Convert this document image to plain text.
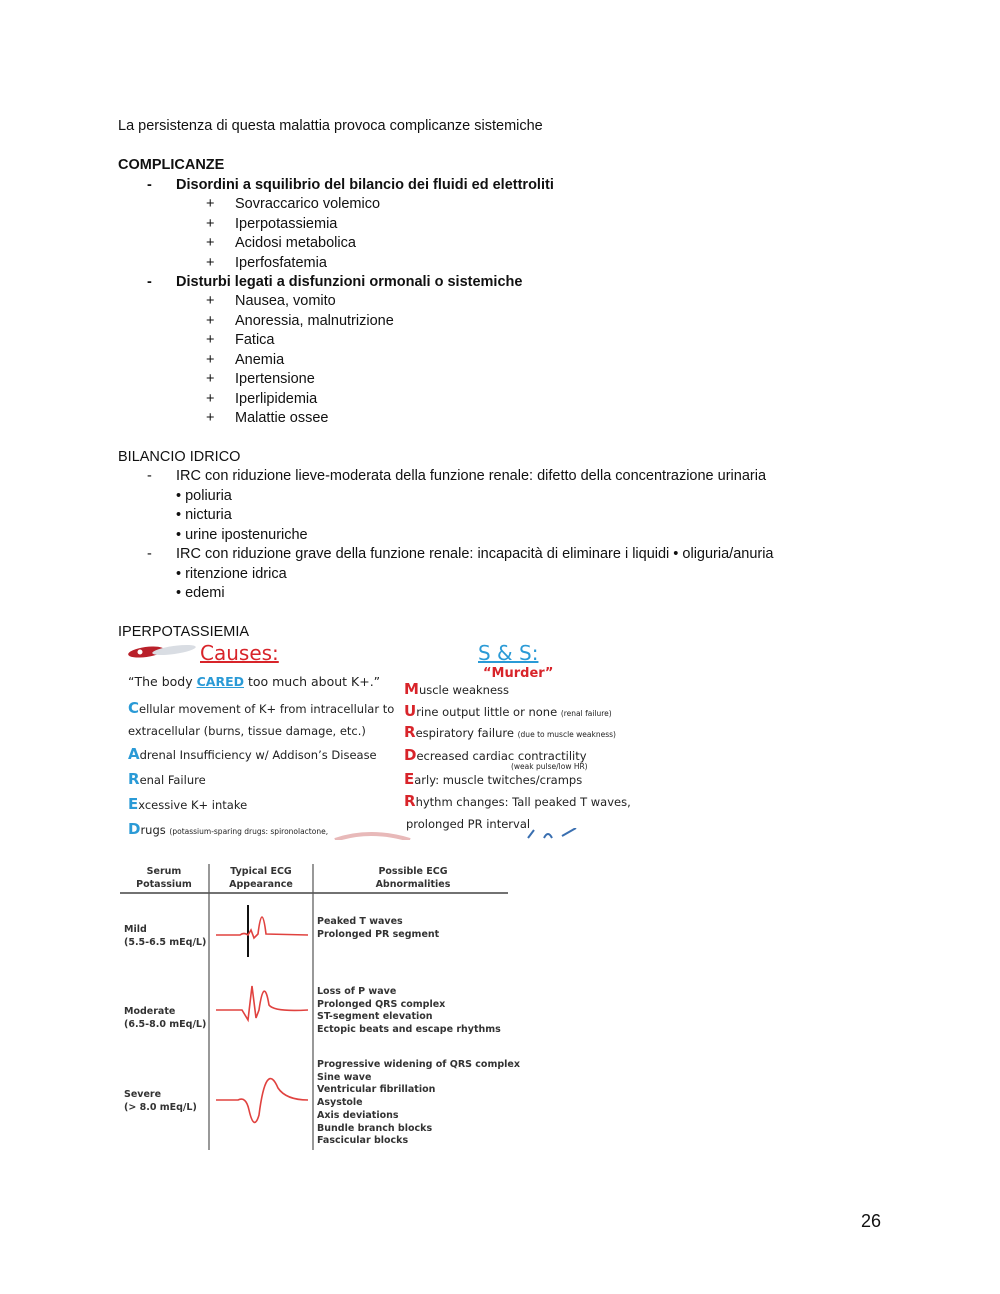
La persistenza di questa malattia provoca complicanze sistemiche
COMPLICANZE
- Disordini a squilibrio del bilancio dei fluidi ed elettroliti
+ Sovraccarico volemico
+ Iperpotassiemia
+ Acidosi metabolica
+ Iperfosfatemia
- Disturbi legati a disfunzioni ormonali o sistemiche
+ Nausea, vomito
+ Anoressia, malnutrizione
+ Fatica
+ Anemia
+ Ipertensione
+ Iperlipidemia
+ Malattie ossee
BILANCIO IDRICO
- IRC con riduzione lieve-moderata della funzione renale: difetto della concentrazione urinaria
• poliuria
• nicturia
• urine ipostenuriche
- IRC con riduzione grave della funzione renale: incapacità di eliminare i liquidi • oliguria/anuria
• ritenzione idrica
• edemi
IPERPOTASSIEMIA
Causes:
“The body CARED too much about K+.”
Cellular movement of K+ from intracellular to
extracellular (burns, tissue damage, etc.)
Adrenal Insufficiency w/ Addison’s Disease
Renal Failure
Excessive K+ intake
Drugs (potassium-sparing drugs: spironolactone,
S & S:
“Murder”
Muscle weakness
Urine output little or none (renal failure)
Respiratory failure (due to muscle weakness)
Decreased cardiac contractility
(weak pulse/low HR)
Early: muscle twitches/cramps
Rhythm changes: Tall peaked T waves,
prolonged PR interval
Serum
Potassium
Typical ECG
Appearance
Possible ECG
Abnormalities
Mild
(5.5-6.5 mEq/L)
Peaked T waves
Prolonged PR segment
Moderate
(6.5-8.0 mEq/L)
Loss of P wave
Prolonged QRS complex
ST-segment elevation
Ectopic beats and escape rhythms
Severe
(> 8.0 mEq/L)
Progressive widening of QRS complex
Sine wave
Ventricular fibrillation
Asystole
Axis deviations
Bundle branch blocks
Fascicular blocks
26
